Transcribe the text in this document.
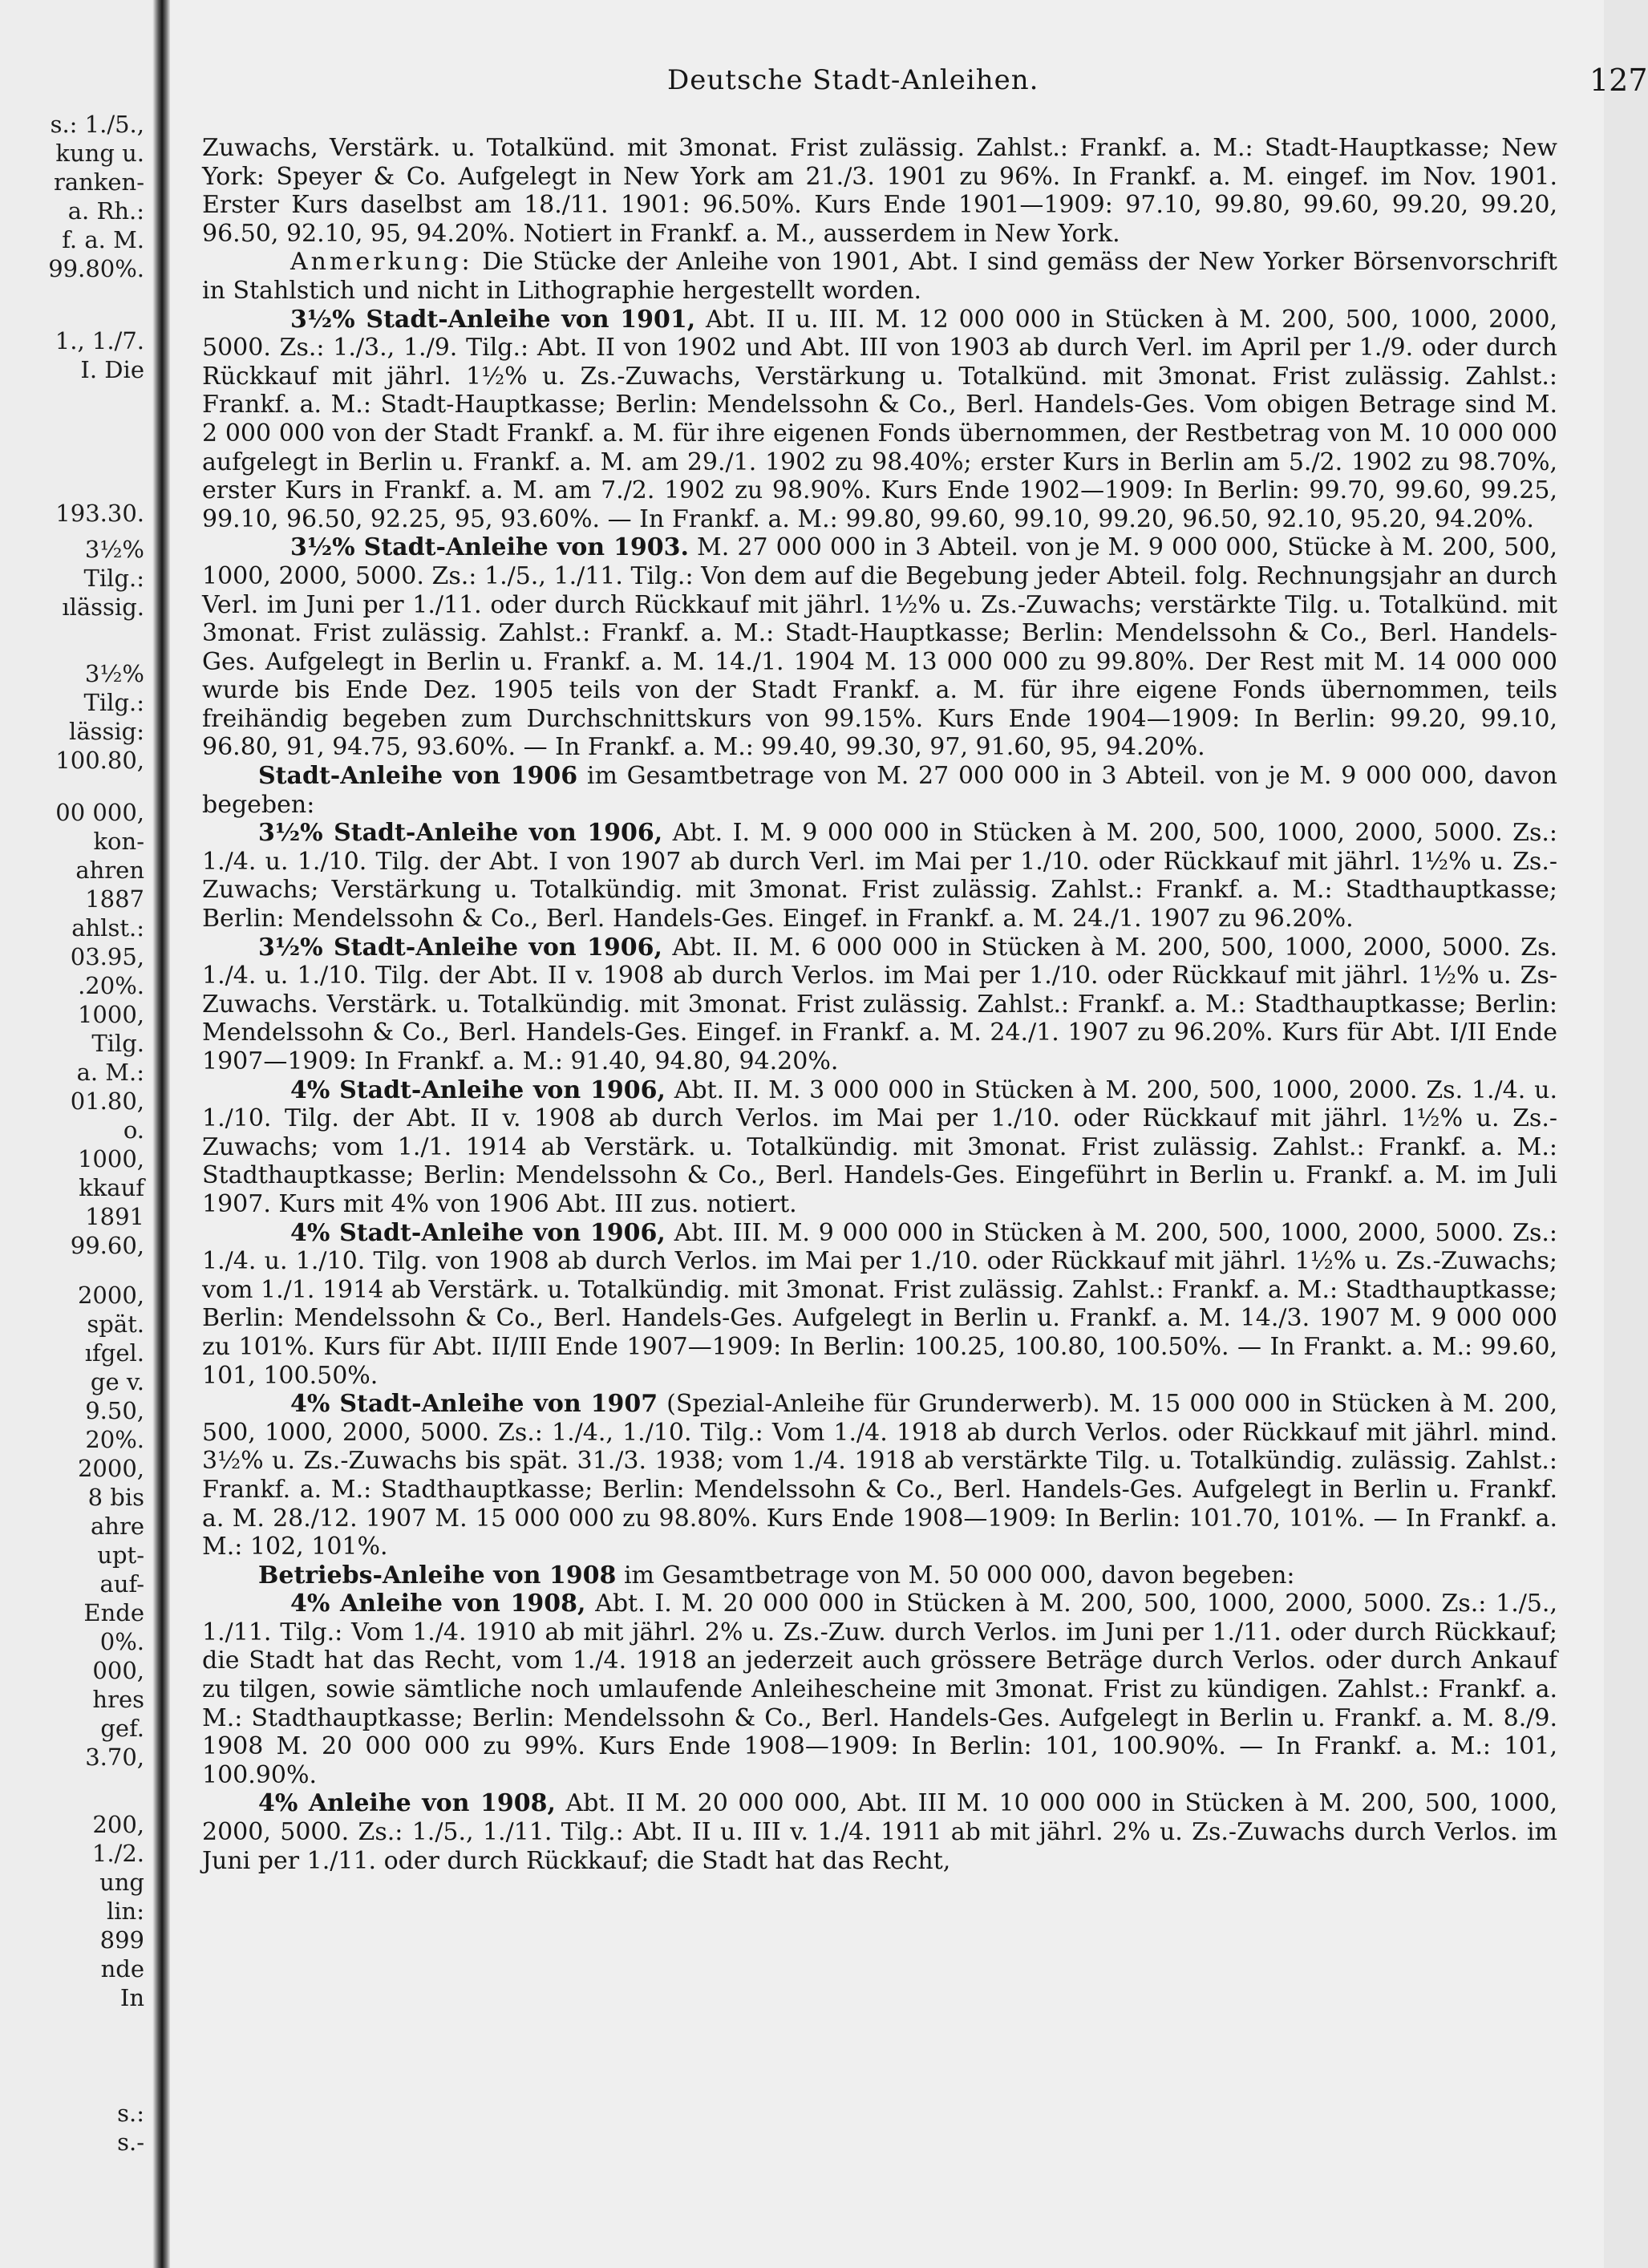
s.: 1./5.,
kung u.
ranken-
a. Rh.:
f. a. M.
99.80%.
1., 1./7.
I. Die
193.30.
3½%
Tilg.:
ılässig.
3½%
Tilg.:
lässig:
100.80,
00 000,
kon-
ahren
1887
ahlst.:
03.95,
.20%.
1000,
Tilg.
a. M.:
01.80,
o.
1000,
kkauf
1891
99.60,
2000,
spät.
ıfgel.
ge v.
9.50,
20%.
2000,
8 bis
ahre
upt-
auf-
Ende
0%.
000,
hres
gef.
3.70,
200,
1./2.
ung
lin:
899
nde
In
s.:
s.-
Deutsche Stadt-Anleihen.	127

Zuwachs, Verstärk. u. Totalkünd. mit 3monat. Frist zulässig. Zahlst.: Frankf. a. M.: Stadt-Hauptkasse; New York: Speyer & Co. Aufgelegt in New York am 21./3. 1901 zu 96%. In Frankf. a. M. eingef. im Nov. 1901. Erster Kurs daselbst am 18./11. 1901: 96.50%. Kurs Ende 1901—1909: 97.10, 99.80, 99.60, 99.20, 99.20, 96.50, 92.10, 95, 94.20%. Notiert in Frankf. a. M., ausserdem in New York.

Anmerkung: Die Stücke der Anleihe von 1901, Abt. I sind gemäss der New Yorker Börsenvorschrift in Stahlstich und nicht in Lithographie hergestellt worden.

3½% Stadt-Anleihe von 1901, Abt. II u. III. M. 12 000 000 in Stücken à M. 200, 500, 1000, 2000, 5000. Zs.: 1./3., 1./9. Tilg.: Abt. II von 1902 und Abt. III von 1903 ab durch Verl. im April per 1./9. oder durch Rückkauf mit jährl. 1½% u. Zs.-Zuwachs, Verstärkung u. Totalkünd. mit 3monat. Frist zulässig. Zahlst.: Frankf. a. M.: Stadt-Hauptkasse; Berlin: Mendelssohn & Co., Berl. Handels-Ges. Vom obigen Betrage sind M. 2 000 000 von der Stadt Frankf. a. M. für ihre eigenen Fonds übernommen, der Restbetrag von M. 10 000 000 aufgelegt in Berlin u. Frankf. a. M. am 29./1. 1902 zu 98.40%; erster Kurs in Berlin am 5./2. 1902 zu 98.70%, erster Kurs in Frankf. a. M. am 7./2. 1902 zu 98.90%. Kurs Ende 1902—1909: In Berlin: 99.70, 99.60, 99.25, 99.10, 96.50, 92.25, 95, 93.60%. — In Frankf. a. M.: 99.80, 99.60, 99.10, 99.20, 96.50, 92.10, 95.20, 94.20%.

3½% Stadt-Anleihe von 1903. M. 27 000 000 in 3 Abteil. von je M. 9 000 000, Stücke à M. 200, 500, 1000, 2000, 5000. Zs.: 1./5., 1./11. Tilg.: Von dem auf die Begebung jeder Abteil. folg. Rechnungsjahr an durch Verl. im Juni per 1./11. oder durch Rückkauf mit jährl. 1½% u. Zs.-Zuwachs; verstärkte Tilg. u. Totalkünd. mit 3monat. Frist zulässig. Zahlst.: Frankf. a. M.: Stadt-Hauptkasse; Berlin: Mendelssohn & Co., Berl. Handels-Ges. Aufgelegt in Berlin u. Frankf. a. M. 14./1. 1904 M. 13 000 000 zu 99.80%. Der Rest mit M. 14 000 000 wurde bis Ende Dez. 1905 teils von der Stadt Frankf. a. M. für ihre eigene Fonds übernommen, teils freihändig begeben zum Durchschnittskurs von 99.15%. Kurs Ende 1904—1909: In Berlin: 99.20, 99.10, 96.80, 91, 94.75, 93.60%. — In Frankf. a. M.: 99.40, 99.30, 97, 91.60, 95, 94.20%.

Stadt-Anleihe von 1906 im Gesamtbetrage von M. 27 000 000 in 3 Abteil. von je M. 9 000 000, davon begeben:

3½% Stadt-Anleihe von 1906, Abt. I. M. 9 000 000 in Stücken à M. 200, 500, 1000, 2000, 5000. Zs.: 1./4. u. 1./10. Tilg. der Abt. I von 1907 ab durch Verl. im Mai per 1./10. oder Rückkauf mit jährl. 1½% u. Zs.-Zuwachs; Verstärkung u. Totalkündig. mit 3monat. Frist zulässig. Zahlst.: Frankf. a. M.: Stadthauptkasse; Berlin: Mendelssohn & Co., Berl. Handels-Ges. Eingef. in Frankf. a. M. 24./1. 1907 zu 96.20%.

3½% Stadt-Anleihe von 1906, Abt. II. M. 6 000 000 in Stücken à M. 200, 500, 1000, 2000, 5000. Zs. 1./4. u. 1./10. Tilg. der Abt. II v. 1908 ab durch Verlos. im Mai per 1./10. oder Rückkauf mit jährl. 1½% u. Zs-Zuwachs. Verstärk. u. Totalkündig. mit 3monat. Frist zulässig. Zahlst.: Frankf. a. M.: Stadthauptkasse; Berlin: Mendelssohn & Co., Berl. Handels-Ges. Eingef. in Frankf. a. M. 24./1. 1907 zu 96.20%. Kurs für Abt. I/II Ende 1907—1909: In Frankf. a. M.: 91.40, 94.80, 94.20%.

4% Stadt-Anleihe von 1906, Abt. II. M. 3 000 000 in Stücken à M. 200, 500, 1000, 2000. Zs. 1./4. u. 1./10. Tilg. der Abt. II v. 1908 ab durch Verlos. im Mai per 1./10. oder Rückkauf mit jährl. 1½% u. Zs.-Zuwachs; vom 1./1. 1914 ab Verstärk. u. Totalkündig. mit 3monat. Frist zulässig. Zahlst.: Frankf. a. M.: Stadthauptkasse; Berlin: Mendelssohn & Co., Berl. Handels-Ges. Eingeführt in Berlin u. Frankf. a. M. im Juli 1907. Kurs mit 4% von 1906 Abt. III zus. notiert.

4% Stadt-Anleihe von 1906, Abt. III. M. 9 000 000 in Stücken à M. 200, 500, 1000, 2000, 5000. Zs.: 1./4. u. 1./10. Tilg. von 1908 ab durch Verlos. im Mai per 1./10. oder Rückkauf mit jährl. 1½% u. Zs.-Zuwachs; vom 1./1. 1914 ab Verstärk. u. Totalkündig. mit 3monat. Frist zulässig. Zahlst.: Frankf. a. M.: Stadthauptkasse; Berlin: Mendelssohn & Co., Berl. Handels-Ges. Aufgelegt in Berlin u. Frankf. a. M. 14./3. 1907 M. 9 000 000 zu 101%. Kurs für Abt. II/III Ende 1907—1909: In Berlin: 100.25, 100.80, 100.50%. — In Frankt. a. M.: 99.60, 101, 100.50%.

4% Stadt-Anleihe von 1907 (Spezial-Anleihe für Grunderwerb). M. 15 000 000 in Stücken à M. 200, 500, 1000, 2000, 5000. Zs.: 1./4., 1./10. Tilg.: Vom 1./4. 1918 ab durch Verlos. oder Rückkauf mit jährl. mind. 3½% u. Zs.-Zuwachs bis spät. 31./3. 1938; vom 1./4. 1918 ab verstärkte Tilg. u. Totalkündig. zulässig. Zahlst.: Frankf. a. M.: Stadthauptkasse; Berlin: Mendelssohn & Co., Berl. Handels-Ges. Aufgelegt in Berlin u. Frankf. a. M. 28./12. 1907 M. 15 000 000 zu 98.80%. Kurs Ende 1908—1909: In Berlin: 101.70, 101%. — In Frankf. a. M.: 102, 101%.

Betriebs-Anleihe von 1908 im Gesamtbetrage von M. 50 000 000, davon begeben:

4% Anleihe von 1908, Abt. I. M. 20 000 000 in Stücken à M. 200, 500, 1000, 2000, 5000. Zs.: 1./5., 1./11. Tilg.: Vom 1./4. 1910 ab mit jährl. 2% u. Zs.-Zuw. durch Verlos. im Juni per 1./11. oder durch Rückkauf; die Stadt hat das Recht, vom 1./4. 1918 an jederzeit auch grössere Beträge durch Verlos. oder durch Ankauf zu tilgen, sowie sämtliche noch umlaufende Anleihescheine mit 3monat. Frist zu kündigen. Zahlst.: Frankf. a. M.: Stadthauptkasse; Berlin: Mendelssohn & Co., Berl. Handels-Ges. Aufgelegt in Berlin u. Frankf. a. M. 8./9. 1908 M. 20 000 000 zu 99%. Kurs Ende 1908—1909: In Berlin: 101, 100.90%. — In Frankf. a. M.: 101, 100.90%.

4% Anleihe von 1908, Abt. II M. 20 000 000, Abt. III M. 10 000 000 in Stücken à M. 200, 500, 1000, 2000, 5000. Zs.: 1./5., 1./11. Tilg.: Abt. II u. III v. 1./4. 1911 ab mit jährl. 2% u. Zs.-Zuwachs durch Verlos. im Juni per 1./11. oder durch Rückkauf; die Stadt hat das Recht,
